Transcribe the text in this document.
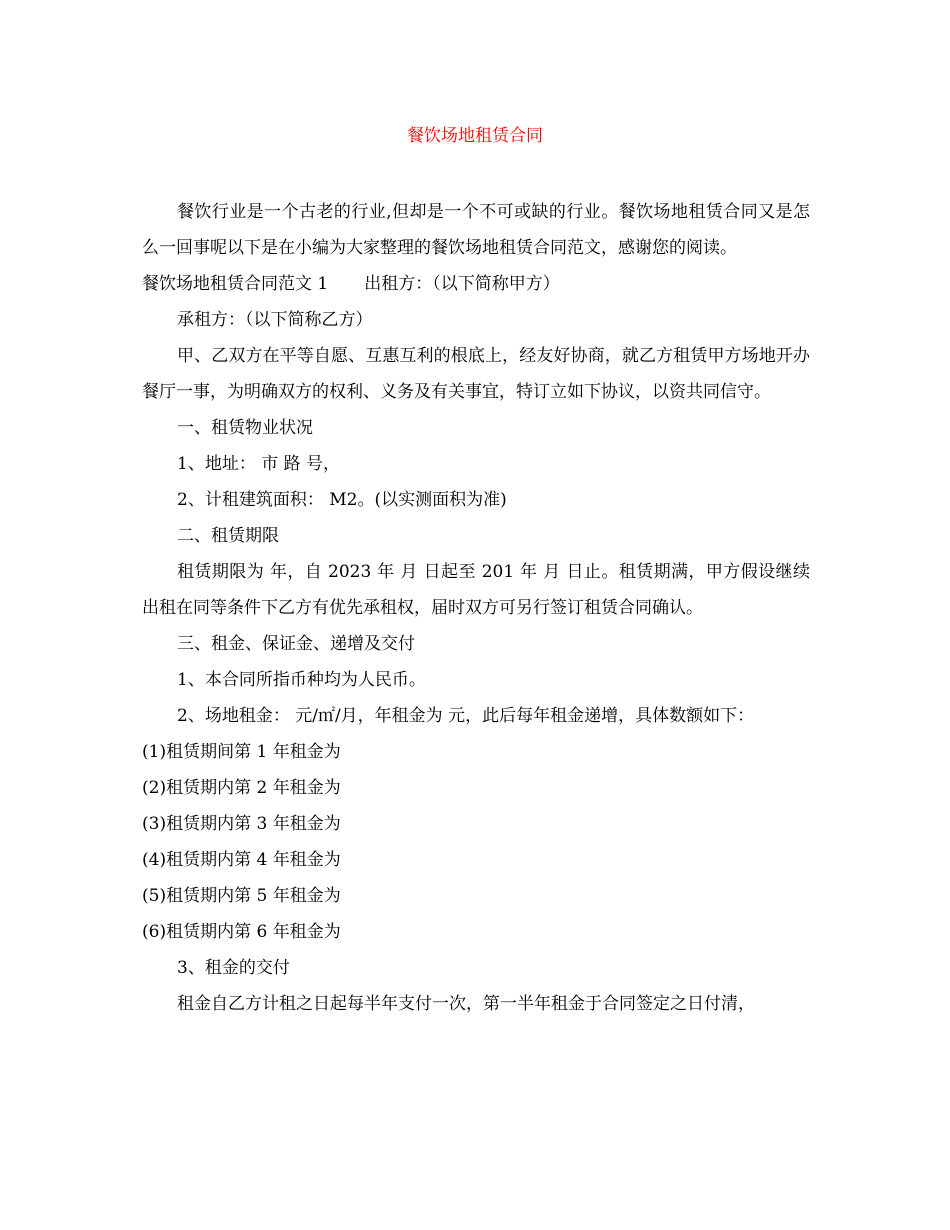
餐饮场地租赁合同

餐饮行业是一个古老的行业,但却是一个不可或缺的行业。餐饮场地租赁合同又是怎么一回事呢以下是在小编为大家整理的餐饮场地租赁合同范文，感谢您的阅读。

餐饮场地租赁合同范文 1 出租方：（以下简称甲方）

承租方：（以下简称乙方）

甲、乙双方在平等自愿、互惠互利的根底上，经友好协商，就乙方租赁甲方场地开办餐厅一事，为明确双方的权利、义务及有关事宜，特订立如下协议，以资共同信守。

一、租赁物业状况

1、地址： 市 路 号，

2、计租建筑面积： M2。(以实测面积为准)

二、租赁期限

租赁期限为 年，自 2023 年 月 日起至 201 年 月 日止。租赁期满，甲方假设继续出租在同等条件下乙方有优先承租权，届时双方可另行签订租赁合同确认。

三、租金、保证金、递增及交付

1、本合同所指币种均为人民币。

2、场地租金： 元/㎡/月，年租金为 元，此后每年租金递增，具体数额如下：

(1)租赁期间第 1 年租金为

(2)租赁期内第 2 年租金为

(3)租赁期内第 3 年租金为

(4)租赁期内第 4 年租金为

(5)租赁期内第 5 年租金为

(6)租赁期内第 6 年租金为

3、租金的交付

租金自乙方计租之日起每半年支付一次，第一半年租金于合同签定之日付清，
